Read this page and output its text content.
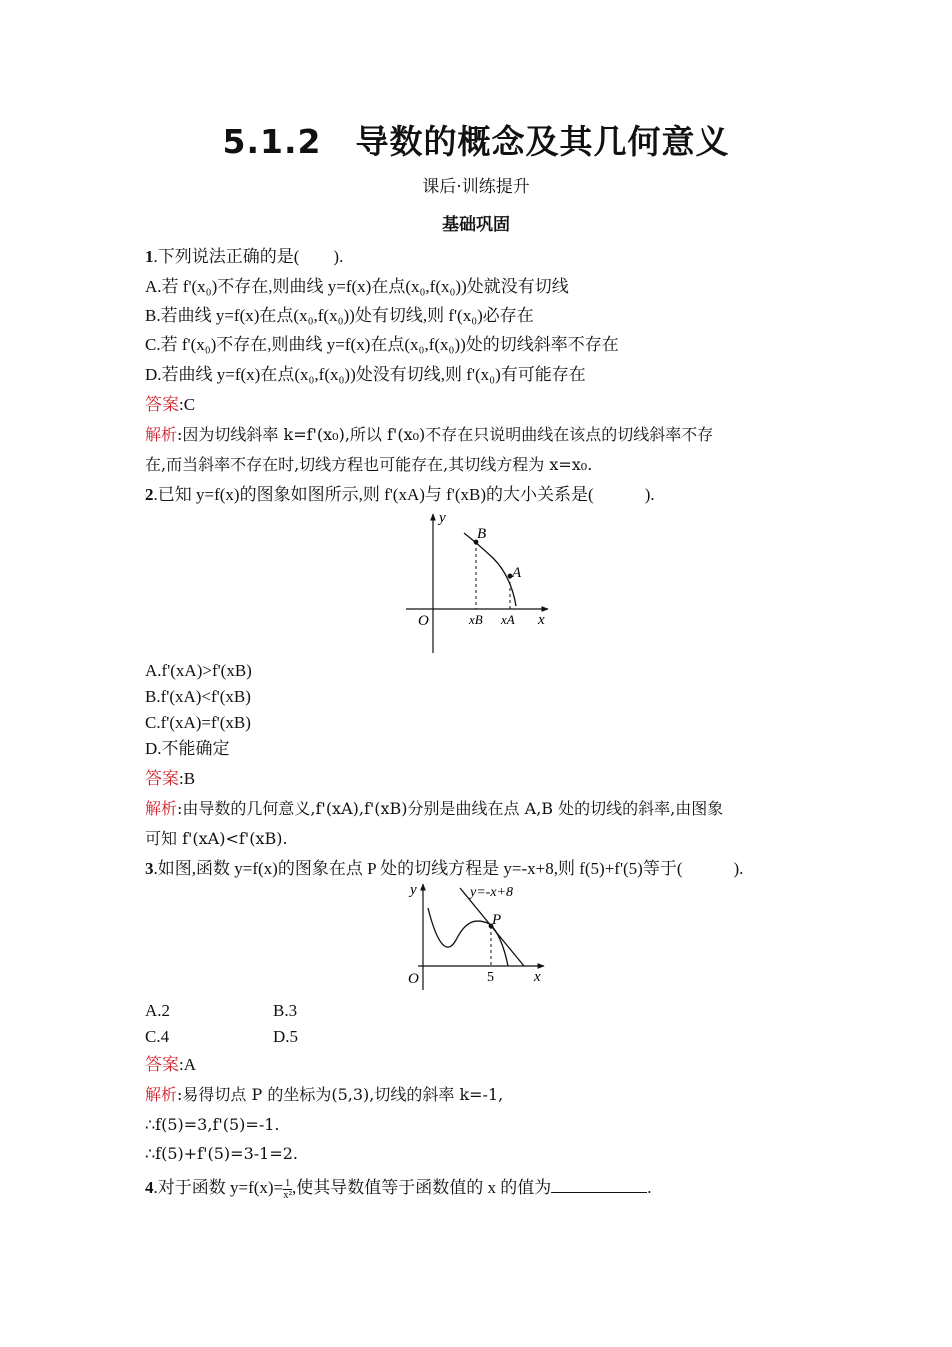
5.1.2　导数的概念及其几何意义
课后·训练提升
基础巩固
1.下列说法正确的是(　　).
A.若 f'(x₀)不存在,则曲线 y=f(x)在点(x₀,f(x₀))处就没有切线
B.若曲线 y=f(x)在点(x₀,f(x₀))处有切线,则 f'(x₀)必存在
C.若 f'(x₀)不存在,则曲线 y=f(x)在点(x₀,f(x₀))处的切线斜率不存在
D.若曲线 y=f(x)在点(x₀,f(x₀))处没有切线,则 f'(x₀)有可能存在
答案:C
解析:因为切线斜率 k=f'(x₀),所以 f'(x₀)不存在只说明曲线在该点的切线斜率不存
在,而当斜率不存在时,切线方程也可能存在,其切线方程为 x=x₀.
2.已知 y=f(x)的图象如图所示,则 f'(xA)与 f'(xB)的大小关系是(　　　).
y
x
O
B
A
xB xA
A.f'(xA)>f'(xB)
B.f'(xA)<f'(xB)
C.f'(xA)=f'(xB)
D.不能确定
答案:B
解析:由导数的几何意义,f'(xA),f'(xB)分别是曲线在点 A,B 处的切线的斜率,由图象
可知 f'(xA)<f'(xB).
3.如图,函数 y=f(x)的图象在点 P 处的切线方程是 y=-x+8,则 f(5)+f'(5)等于(　　　).
y	y=-x+8
P
O	5	x
A.2	B.3
C.4	D.5
答案:A
解析:易得切点 P 的坐标为(5,3),切线的斜率 k=-1,
∴f(5)=3,f'(5)=-1.
∴f(5)+f'(5)=3-1=2.
4.对于函数 $y=f(x)= \frac{1}{\text{x²}}$ ,使其导数值等于函数值的 x 的值为	.
